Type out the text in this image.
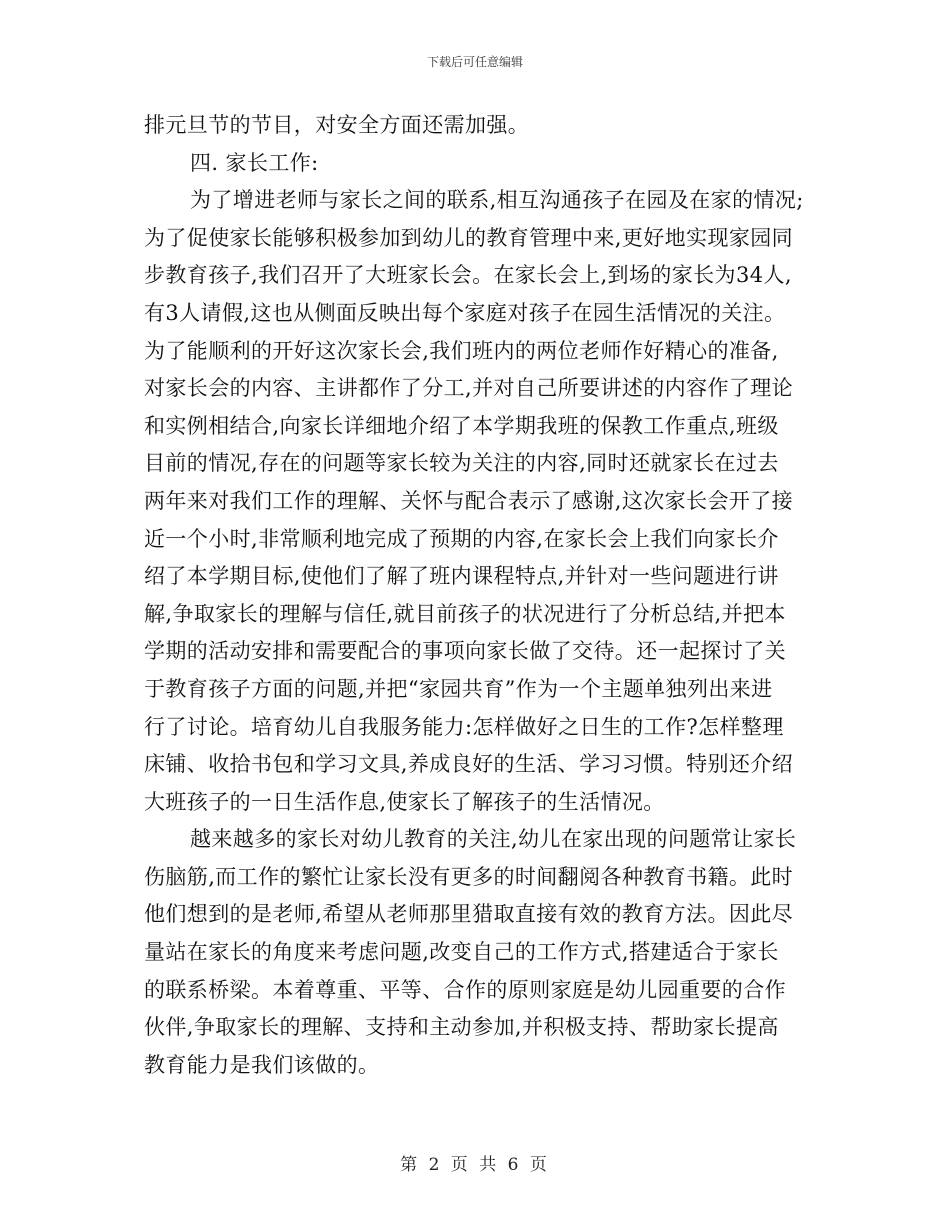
下载后可任意编辑
排元旦节的节目，对安全方面还需加强。
四. 家长工作:
为了增进老师与家长之间的联系,相互沟通孩子在园及在家的情况;
为了促使家长能够积极参加到幼儿的教育管理中来,更好地实现家园同
步教育孩子,我们召开了大班家长会。在家长会上,到场的家长为34人,
有3人请假,这也从侧面反映出每个家庭对孩子在园生活情况的关注。
为了能顺利的开好这次家长会,我们班内的两位老师作好精心的准备,
对家长会的内容、主讲都作了分工,并对自己所要讲述的内容作了理论
和实例相结合,向家长详细地介绍了本学期我班的保教工作重点,班级
目前的情况,存在的问题等家长较为关注的内容,同时还就家长在过去
两年来对我们工作的理解、关怀与配合表示了感谢,这次家长会开了接
近一个小时,非常顺利地完成了预期的内容,在家长会上我们向家长介
绍了本学期目标,使他们了解了班内课程特点,并针对一些问题进行讲
解,争取家长的理解与信任,就目前孩子的状况进行了分析总结,并把本
学期的活动安排和需要配合的事项向家长做了交待。还一起探讨了关
于教育孩子方面的问题,并把“家园共育”作为一个主题单独列出来进
行了讨论。培育幼儿自我服务能力:怎样做好之日生的工作?怎样整理
床铺、收拾书包和学习文具,养成良好的生活、学习习惯。特别还介绍
大班孩子的一日生活作息,使家长了解孩子的生活情况。
越来越多的家长对幼儿教育的关注,幼儿在家出现的问题常让家长
伤脑筋,而工作的繁忙让家长没有更多的时间翻阅各种教育书籍。此时
他们想到的是老师,希望从老师那里猎取直接有效的教育方法。因此尽
量站在家长的角度来考虑问题,改变自己的工作方式,搭建适合于家长
的联系桥梁。本着尊重、平等、合作的原则家庭是幼儿园重要的合作
伙伴,争取家长的理解、支持和主动参加,并积极支持、帮助家长提高
教育能力是我们该做的。
第 2 页 共 6 页
